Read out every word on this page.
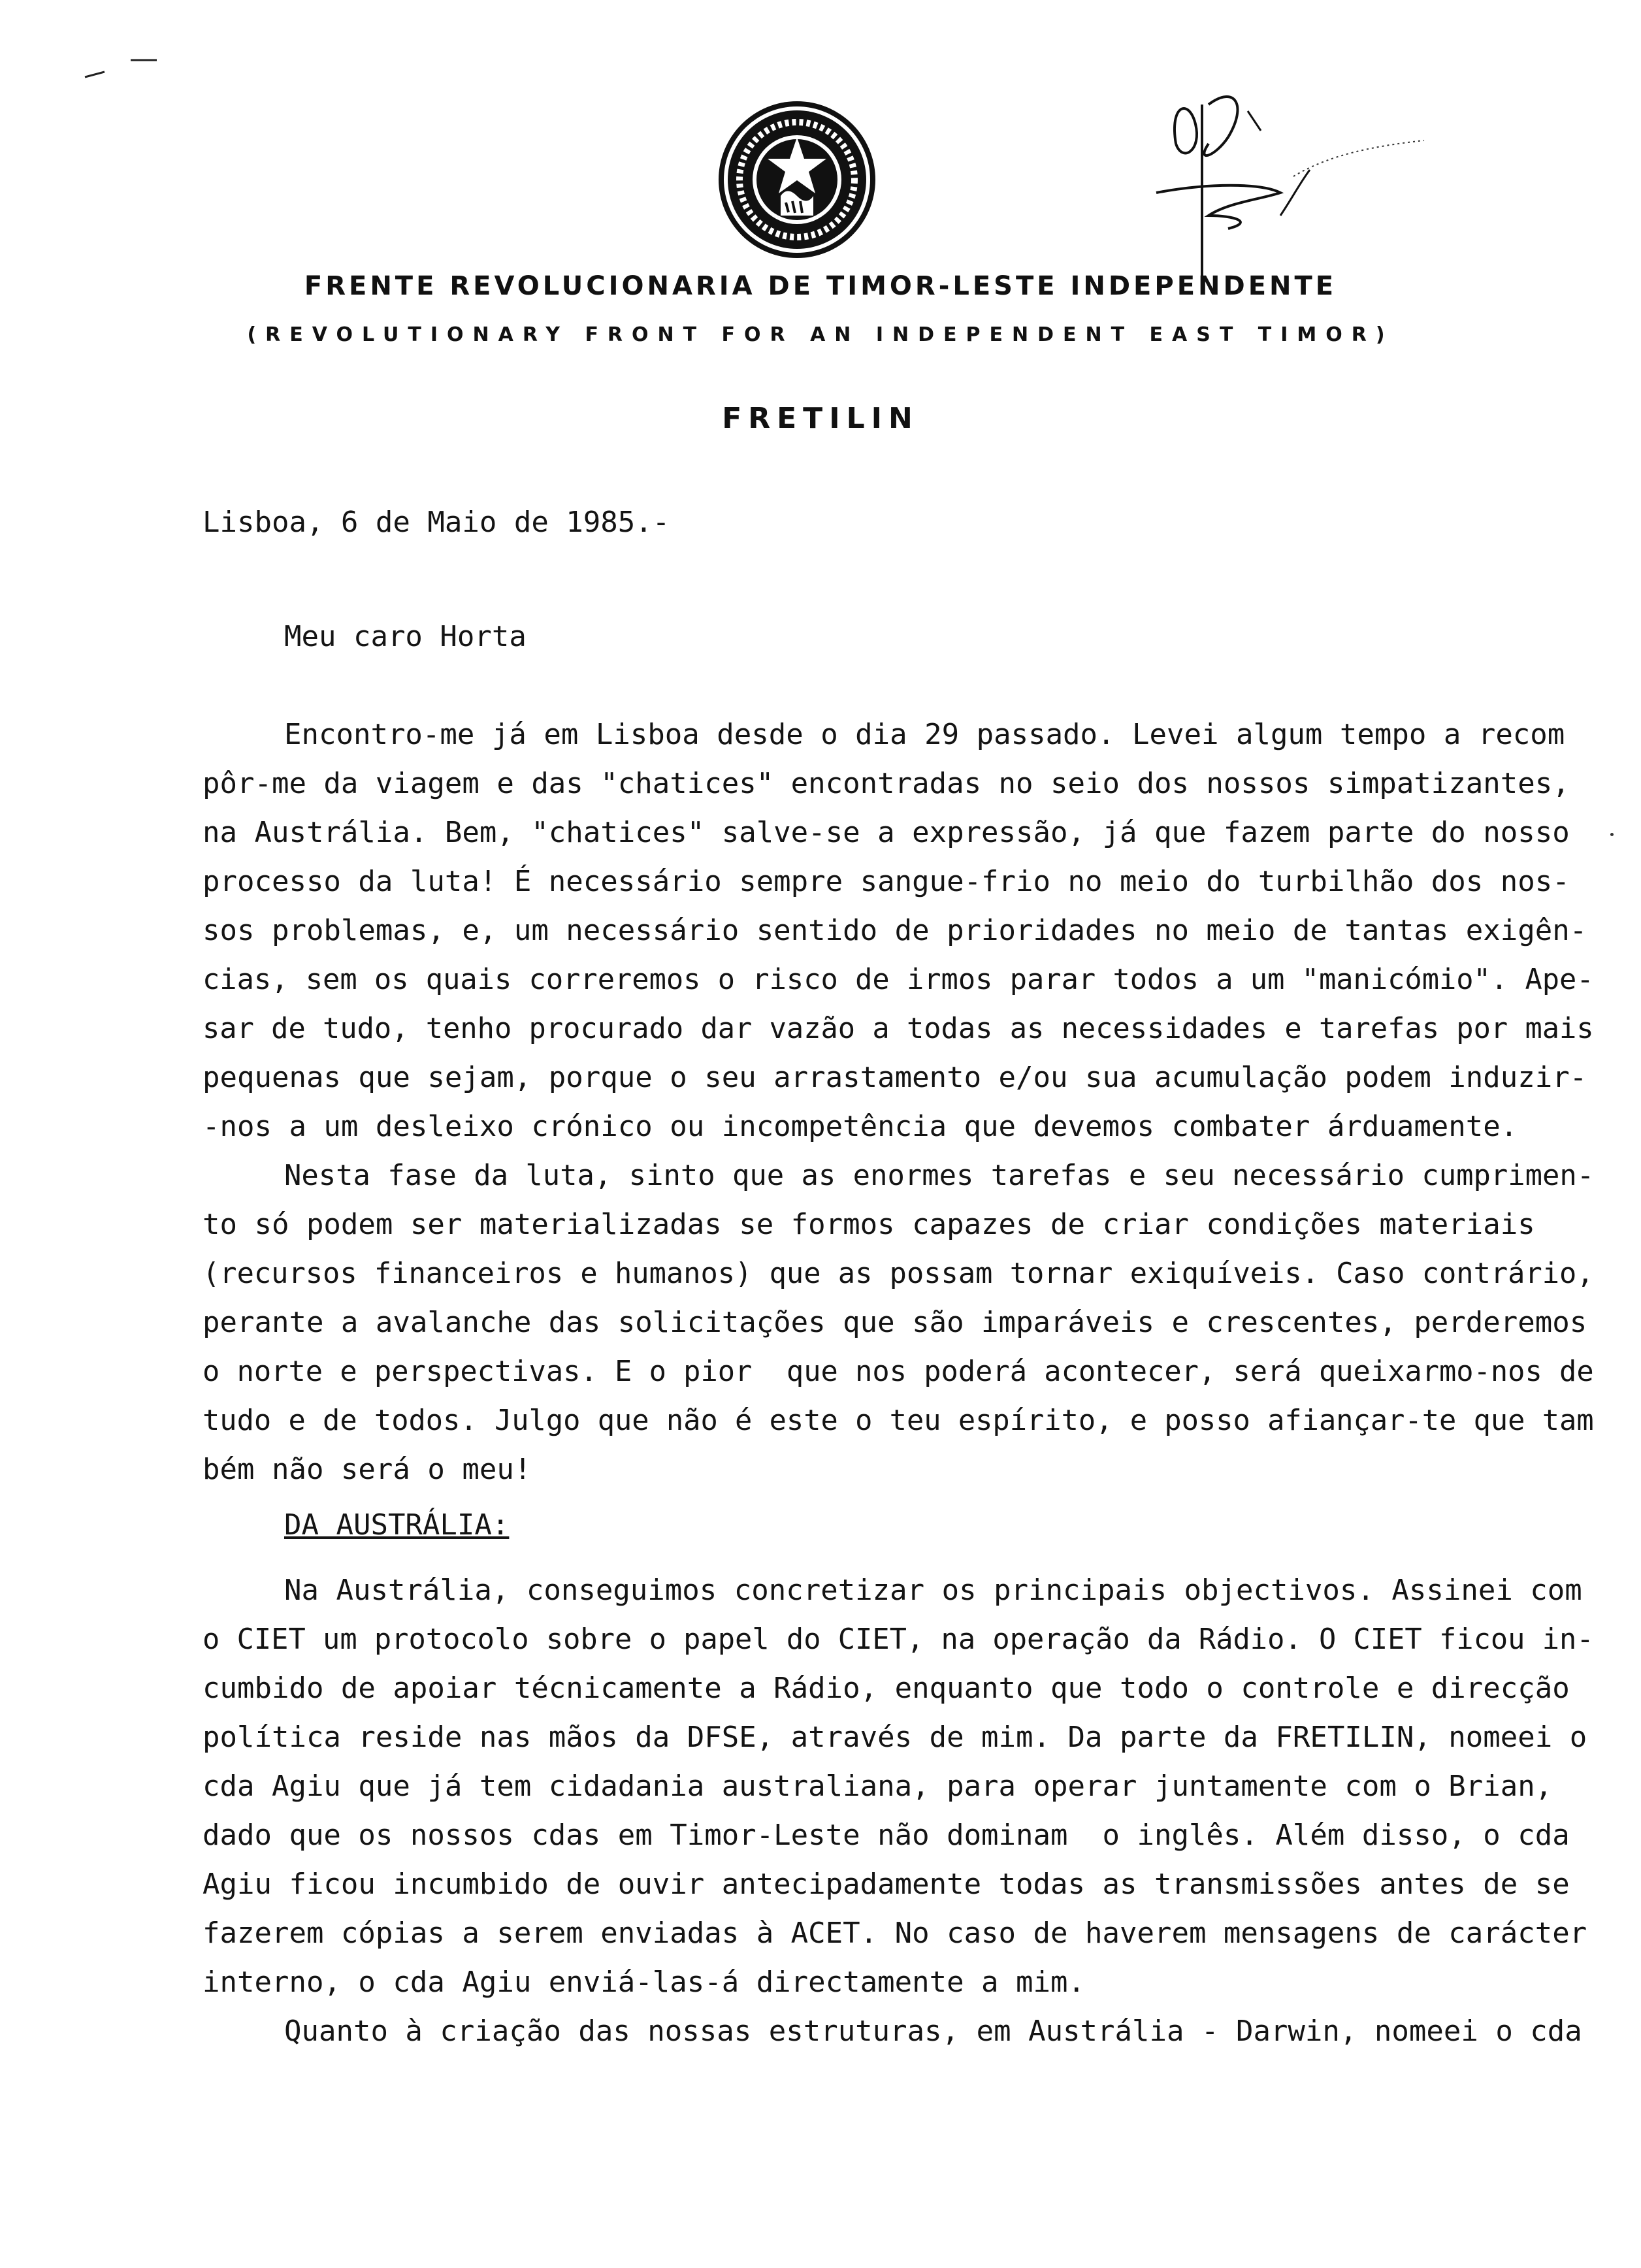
FRENTE REVOLUCIONARIA DE TIMOR-LESTE INDEPENDENTE
(REVOLUTIONARY FRONT FOR AN INDEPENDENT EAST TIMOR)
FRETILIN
Lisboa, 6 de Maio de 1985.-
Meu caro Horta
Encontro-me já em Lisboa desde o dia 29 passado. Levei algum tempo a recom
pôr-me da viagem e das "chatices" encontradas no seio dos nossos simpatizantes,
na Austrália. Bem, "chatices" salve-se a expressão, já que fazem parte do nosso
processo da luta! É necessário sempre sangue-frio no meio do turbilhão dos nos-
sos problemas, e, um necessário sentido de prioridades no meio de tantas exigên-
cias, sem os quais correremos o risco de irmos parar todos a um "manicómio". Ape-
sar de tudo, tenho procurado dar vazão a todas as necessidades e tarefas por mais
pequenas que sejam, porque o seu arrastamento e/ou sua acumulação podem induzir-
-nos a um desleixo crónico ou incompetência que devemos combater árduamente.
Nesta fase da luta, sinto que as enormes tarefas e seu necessário cumprimen-
to só podem ser materializadas se formos capazes de criar condições materiais
(recursos financeiros e humanos) que as possam tornar exiquíveis. Caso contrário,
perante a avalanche das solicitações que são imparáveis e crescentes, perderemos
o norte e perspectivas. E o pior  que nos poderá acontecer, será queixarmo-nos de
tudo e de todos. Julgo que não é este o teu espírito, e posso afiançar-te que tam
bém não será o meu!
DA AUSTRÁLIA:
Na Austrália, conseguimos concretizar os principais objectivos. Assinei com
o CIET um protocolo sobre o papel do CIET, na operação da Rádio. O CIET ficou in-
cumbido de apoiar técnicamente a Rádio, enquanto que todo o controle e direcção
política reside nas mãos da DFSE, através de mim. Da parte da FRETILIN, nomeei o
cda Agiu que já tem cidadania australiana, para operar juntamente com o Brian,
dado que os nossos cdas em Timor-Leste não dominam  o inglês. Além disso, o cda
Agiu ficou incumbido de ouvir antecipadamente todas as transmissões antes de se
fazerem cópias a serem enviadas à ACET. No caso de haverem mensagens de carácter
interno, o cda Agiu enviá-las-á directamente a mim.
Quanto à criação das nossas estruturas, em Austrália - Darwin, nomeei o cda
